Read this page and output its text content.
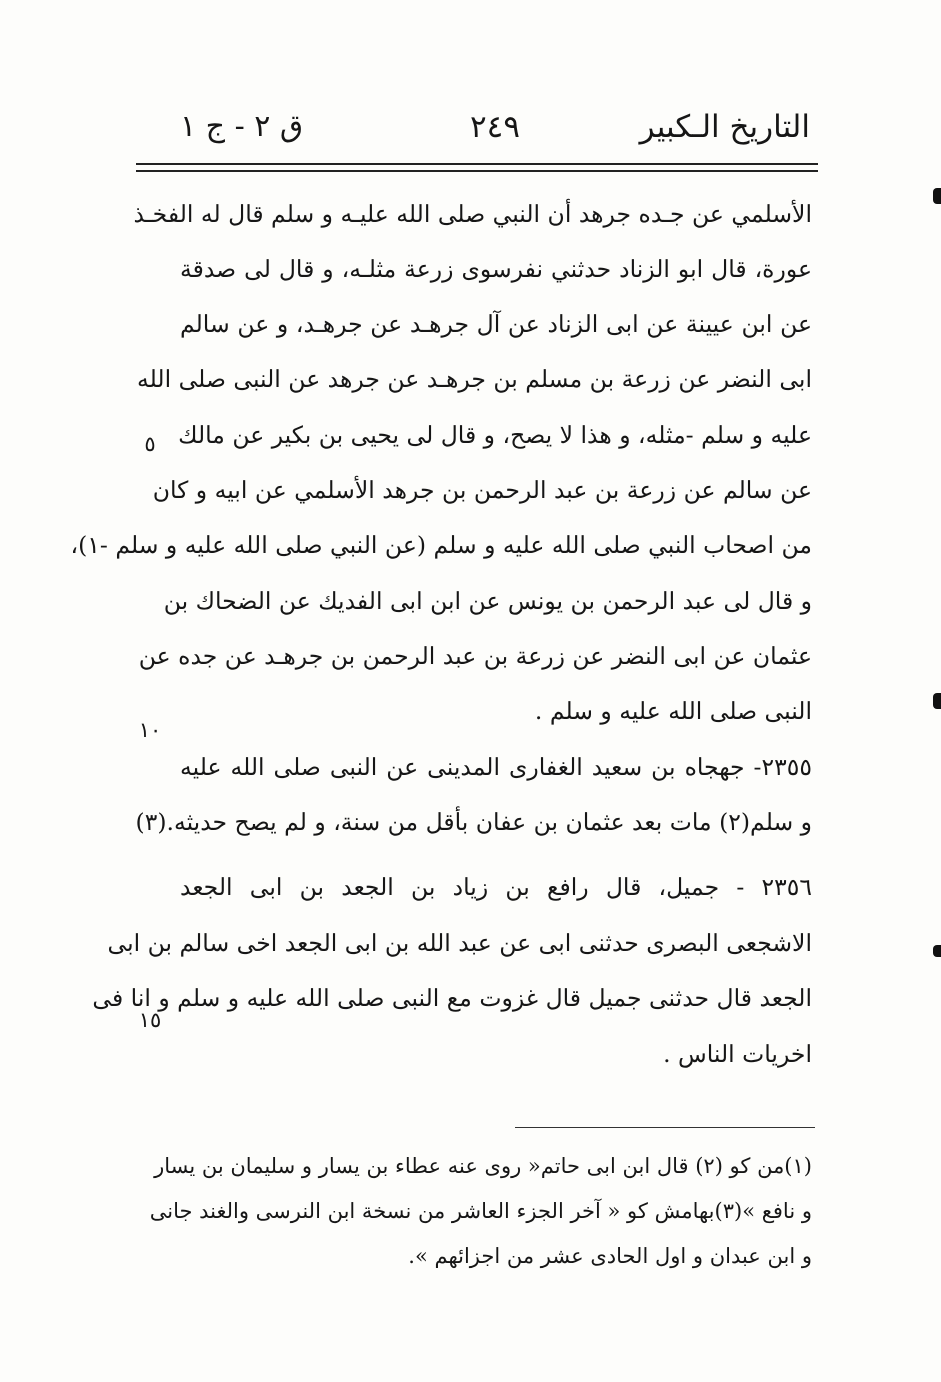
التاريخ الـكبير
٢٤٩
ق ٢ - ج ١
الأسلمي عن جـده جرهد أن النبي صلى الله عليـه و سلم قال له الفخـذ
عورة، قال ابو الزناد حدثني نفرسوى زرعة مثلـه، و قال لى صدقة
عن ابن عيينة عن ابى الزناد عن آل جرهـد عن جرهـد، و عن سالم
ابى النضر عن زرعة بن مسلم بن جرهـد عن جرهد عن النبى صلى الله
عليه و سلم -مثله، و هذا لا يصح، و قال لى يحيى بن بكير عن مالك
عن سالم عن زرعة بن عبد الرحمن بن جرهد الأسلمي عن ابيه و كان
من اصحاب النبي صلى الله عليه و سلم (عن النبي صلى الله عليه و سلم -١)،
و قال لى عبد الرحمن بن يونس عن ابن ابى الفديك عن الضحاك بن
عثمان عن ابى النضر عن زرعة بن عبد الرحمن بن جرهـد عن جده عن
النبى صلى الله عليه و سلم .
٢٣٥٥- جهجاه بن سعيد الغفارى المدينى عن النبى صلى الله عليه
و سلم(٢) مات بعد عثمان بن عفان بأقل من سنة، و لم يصح حديثه.(٣)
٢٣٥٦ - جميل، قال رافع بن زياد بن الجعد بن ابى الجعد
الاشجعى البصرى حدثنى ابى عن عبد الله بن ابى الجعد اخى سالم بن ابى
الجعد قال حدثنى جميل قال غزوت مع النبى صلى الله عليه و سلم و انا فى
اخريات الناس .
٥
١٠
١٥
(١)من كو (٢) قال ابن ابى حاتم« روى عنه عطاء بن يسار و سليمان بن يسار
و نافع »(٣)بهامش كو « آخر الجزء العاشر من نسخة ابن النرسى والغند جانى
و ابن عبدان و اول الحادى عشر من اجزائهم ».
